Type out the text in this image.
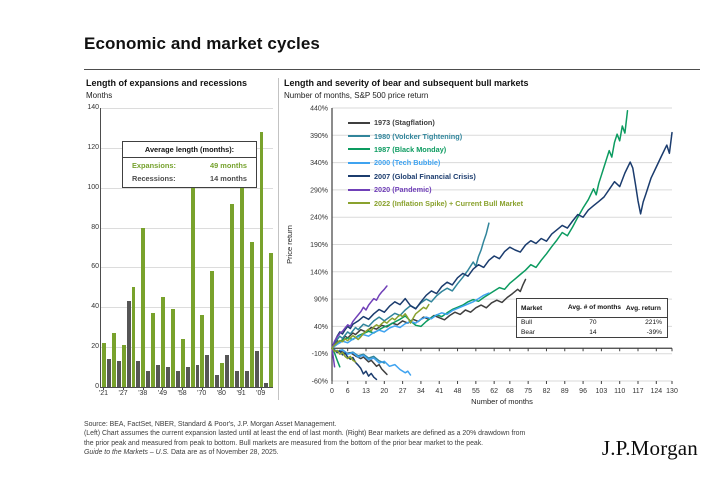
Economic and market cycles
Length of expansions and recessions
Months
140
120
100
80
60
40
20
0
'21 '27 '38 '49 '58 '70 '80 '91 '09
Average length (months):
Expansions:	49 months
Recessions:	14 months
Length and severity of bear and subsequent bull markets
Number of months, S&P 500 price return
440%
390%
340%
290%
240%
190%
140%
90%
40%
-10%
-60%
0 6 13 20 27 34 41 48 55 62 68 75 82 89 96 103 110 117 124 130
Number of months
Price return
1973 (Stagflation)
1980 (Volcker Tightening)
1987 (Black Monday)
2000 (Tech Bubble)
2007 (Global Financial Crisis)
2020 (Pandemic)
2022 (Inflation Spike) + Current Bull Market
Market	Avg. # of months Avg. return
Bull	70	221%
Bear	14	-39%
Source: BEA, FactSet, NBER, Standard & Poor's, J.P. Morgan Asset Management.
(Left) Chart assumes the current expansion lasted until at least the end of last month. (Right) Bear markets are defined as a 20% drawdown from
the prior peak and measured from peak to bottom. Bull markets are measured from the bottom of the prior bear market to the peak.
Guide to the Markets – U.S. Data are as of November 28, 2025.	J.P.Morgan
